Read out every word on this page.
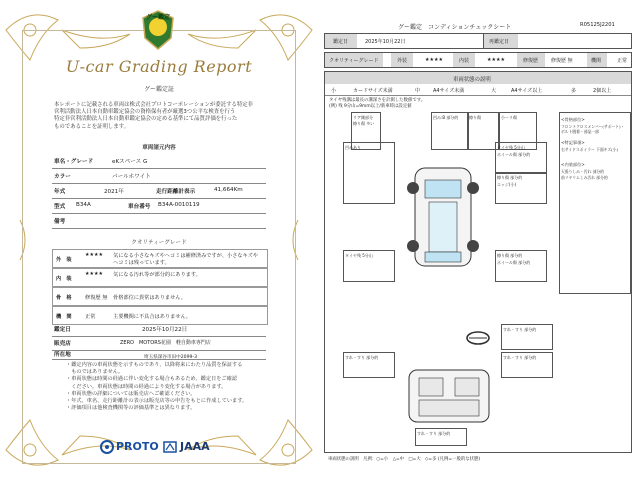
グー鑑定
U-car Grading Report
グー鑑定証
本レポートに記載される車両は株式会社プロトコーポレーションが委託する特定非
営利活動法人日本自動車鑑定協会の資格保有者が厳選3つ公平な検査を行う
特定非営利活動法人日本自動車鑑定協会の定める基準にて品質評価を行った
ものであることを証明します。
車両諸元内容
車名・グレード	eKスペース G
カラー	パールホワイト
年式	2021年	走行距離計表示	41,664Km
型式 B34A	車台番号 B34A-0010119
備考
クオリティーグレード
外　装
★★★★ 気になる小さなキズやヘコミは補修済みですが、小さなキズや
ヘコミは残っています。
内　装
★★★★ 気になる汚れ等が部分的にあります。
骨　格	修復歴 無 骨格部位に異常はありません。
機　関	正常	主要機関に不具合はありません。
鑑定日	2025年10月22日
販売店	ZERO　MOTORS花園　軽自動車専門店
所在地	埼玉県深谷市田中2099-3
・鑑定内容の車両状態を示すものであり、以降将来にわたり品質を保証する
　ものではありません。
・車両状態は時間の経過に伴い変化する場合もあるため、鑑定日をご確認
　ください。車両状態は時間の経過により変化する場合があります。
・車両状態の詳細については販売店へご確認ください。
・年式、車名、走行距離計の表示は販売店等の申告をもとに作成しています。
・評価項目は他検査機関等の評価基準とは異なります。
PROTO JAAA
グー鑑定　コンディションチェックシート	R05125J2201
鑑定日	2025年10月22日	再鑑定日
クオリティーグレード	外装	★★★★	内装	★★★★	修復歴	修復歴 無	機関	正常
車両状態の説明
小	カードサイズ未満	中	A4サイズ未満	大	A4サイズ以上	多	2個以上
タイヤ残溝は最長の溝深さを計測した数値です。
(例) 残 9分山=9mm以上/新車時は設定値
リア側部分
擦り傷 多い
凹み:B 部分的	擦り傷	小ーリ傷
凹みあり	タイヤ残 5分山
ホイール傷 部分的
擦り傷 部分的
エッジ(小)
タイヤ残 5分山	擦り傷 部分的
ホイール傷 部分的
<骨格部位>
フロントクロスメンバー(サポート)・ボルト脱着・部品一部
<特記事項>
右サイドスポイラー 下面キズ(小)
<内装部位>
天張りしみ・汚れ 部分的
前リヤリムしみ汚れ 部分的
すれ・すり 部分的
すれ・すり 部分的
すれ・すり 部分的
すれ・すり 部分的
車両状態の説明　凡例：○=小　△=中　□=大　◇=多 (凡例=一般的な状態)
